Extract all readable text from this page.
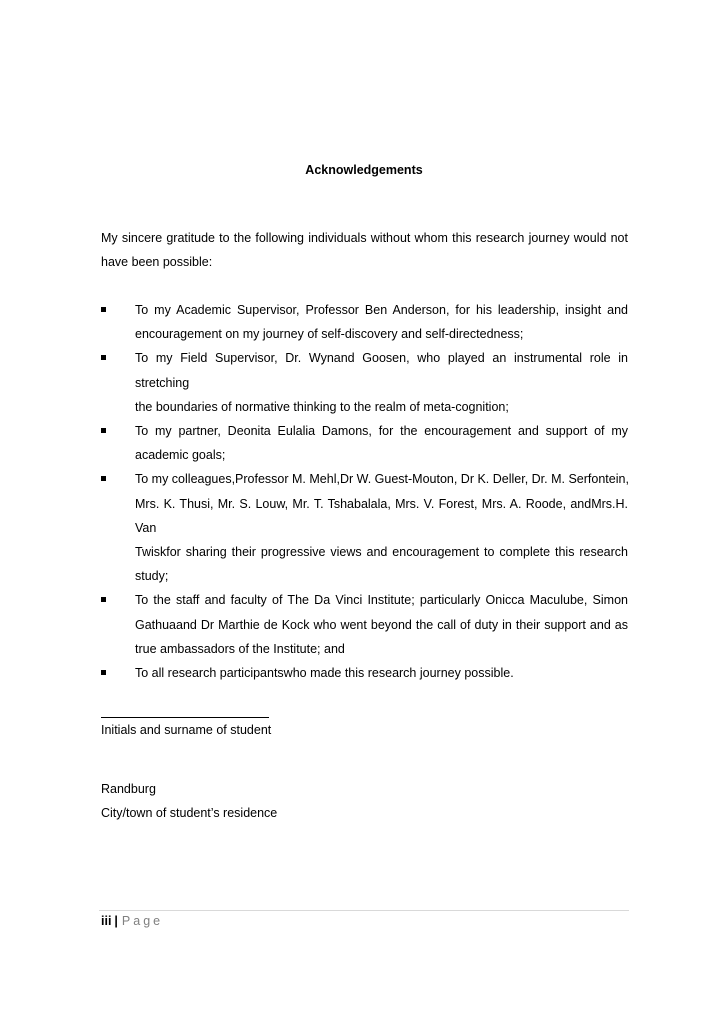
Acknowledgements
My sincere gratitude to the following individuals without whom this research journey would not
have been possible:
To my Academic Supervisor, Professor Ben Anderson, for his leadership, insight and
encouragement on my journey of self-discovery and self-directedness;
To my Field Supervisor, Dr. Wynand Goosen, who played an instrumental role in stretching
the boundaries of normative thinking to the realm of meta-cognition;
To my partner, Deonita Eulalia Damons, for the encouragement and support of my
academic goals;
To my colleagues,Professor M. Mehl,Dr W. Guest-Mouton, Dr K. Deller, Dr. M. Serfontein,
Mrs. K. Thusi, Mr. S. Louw, Mr. T. Tshabalala, Mrs. V. Forest, Mrs. A. Roode, andMrs.H. Van
Twiskfor sharing their progressive views and encouragement to complete this research
study;
To the staff and faculty of The Da Vinci Institute; particularly Onicca Maculube, Simon
Gathuaand Dr Marthie de Kock who went beyond the call of duty in their support and as
true ambassadors of the Institute; and
To all research participantswho made this research journey possible.
Initials and surname of student
Randburg
City/town of student’s residence
iii | Page
